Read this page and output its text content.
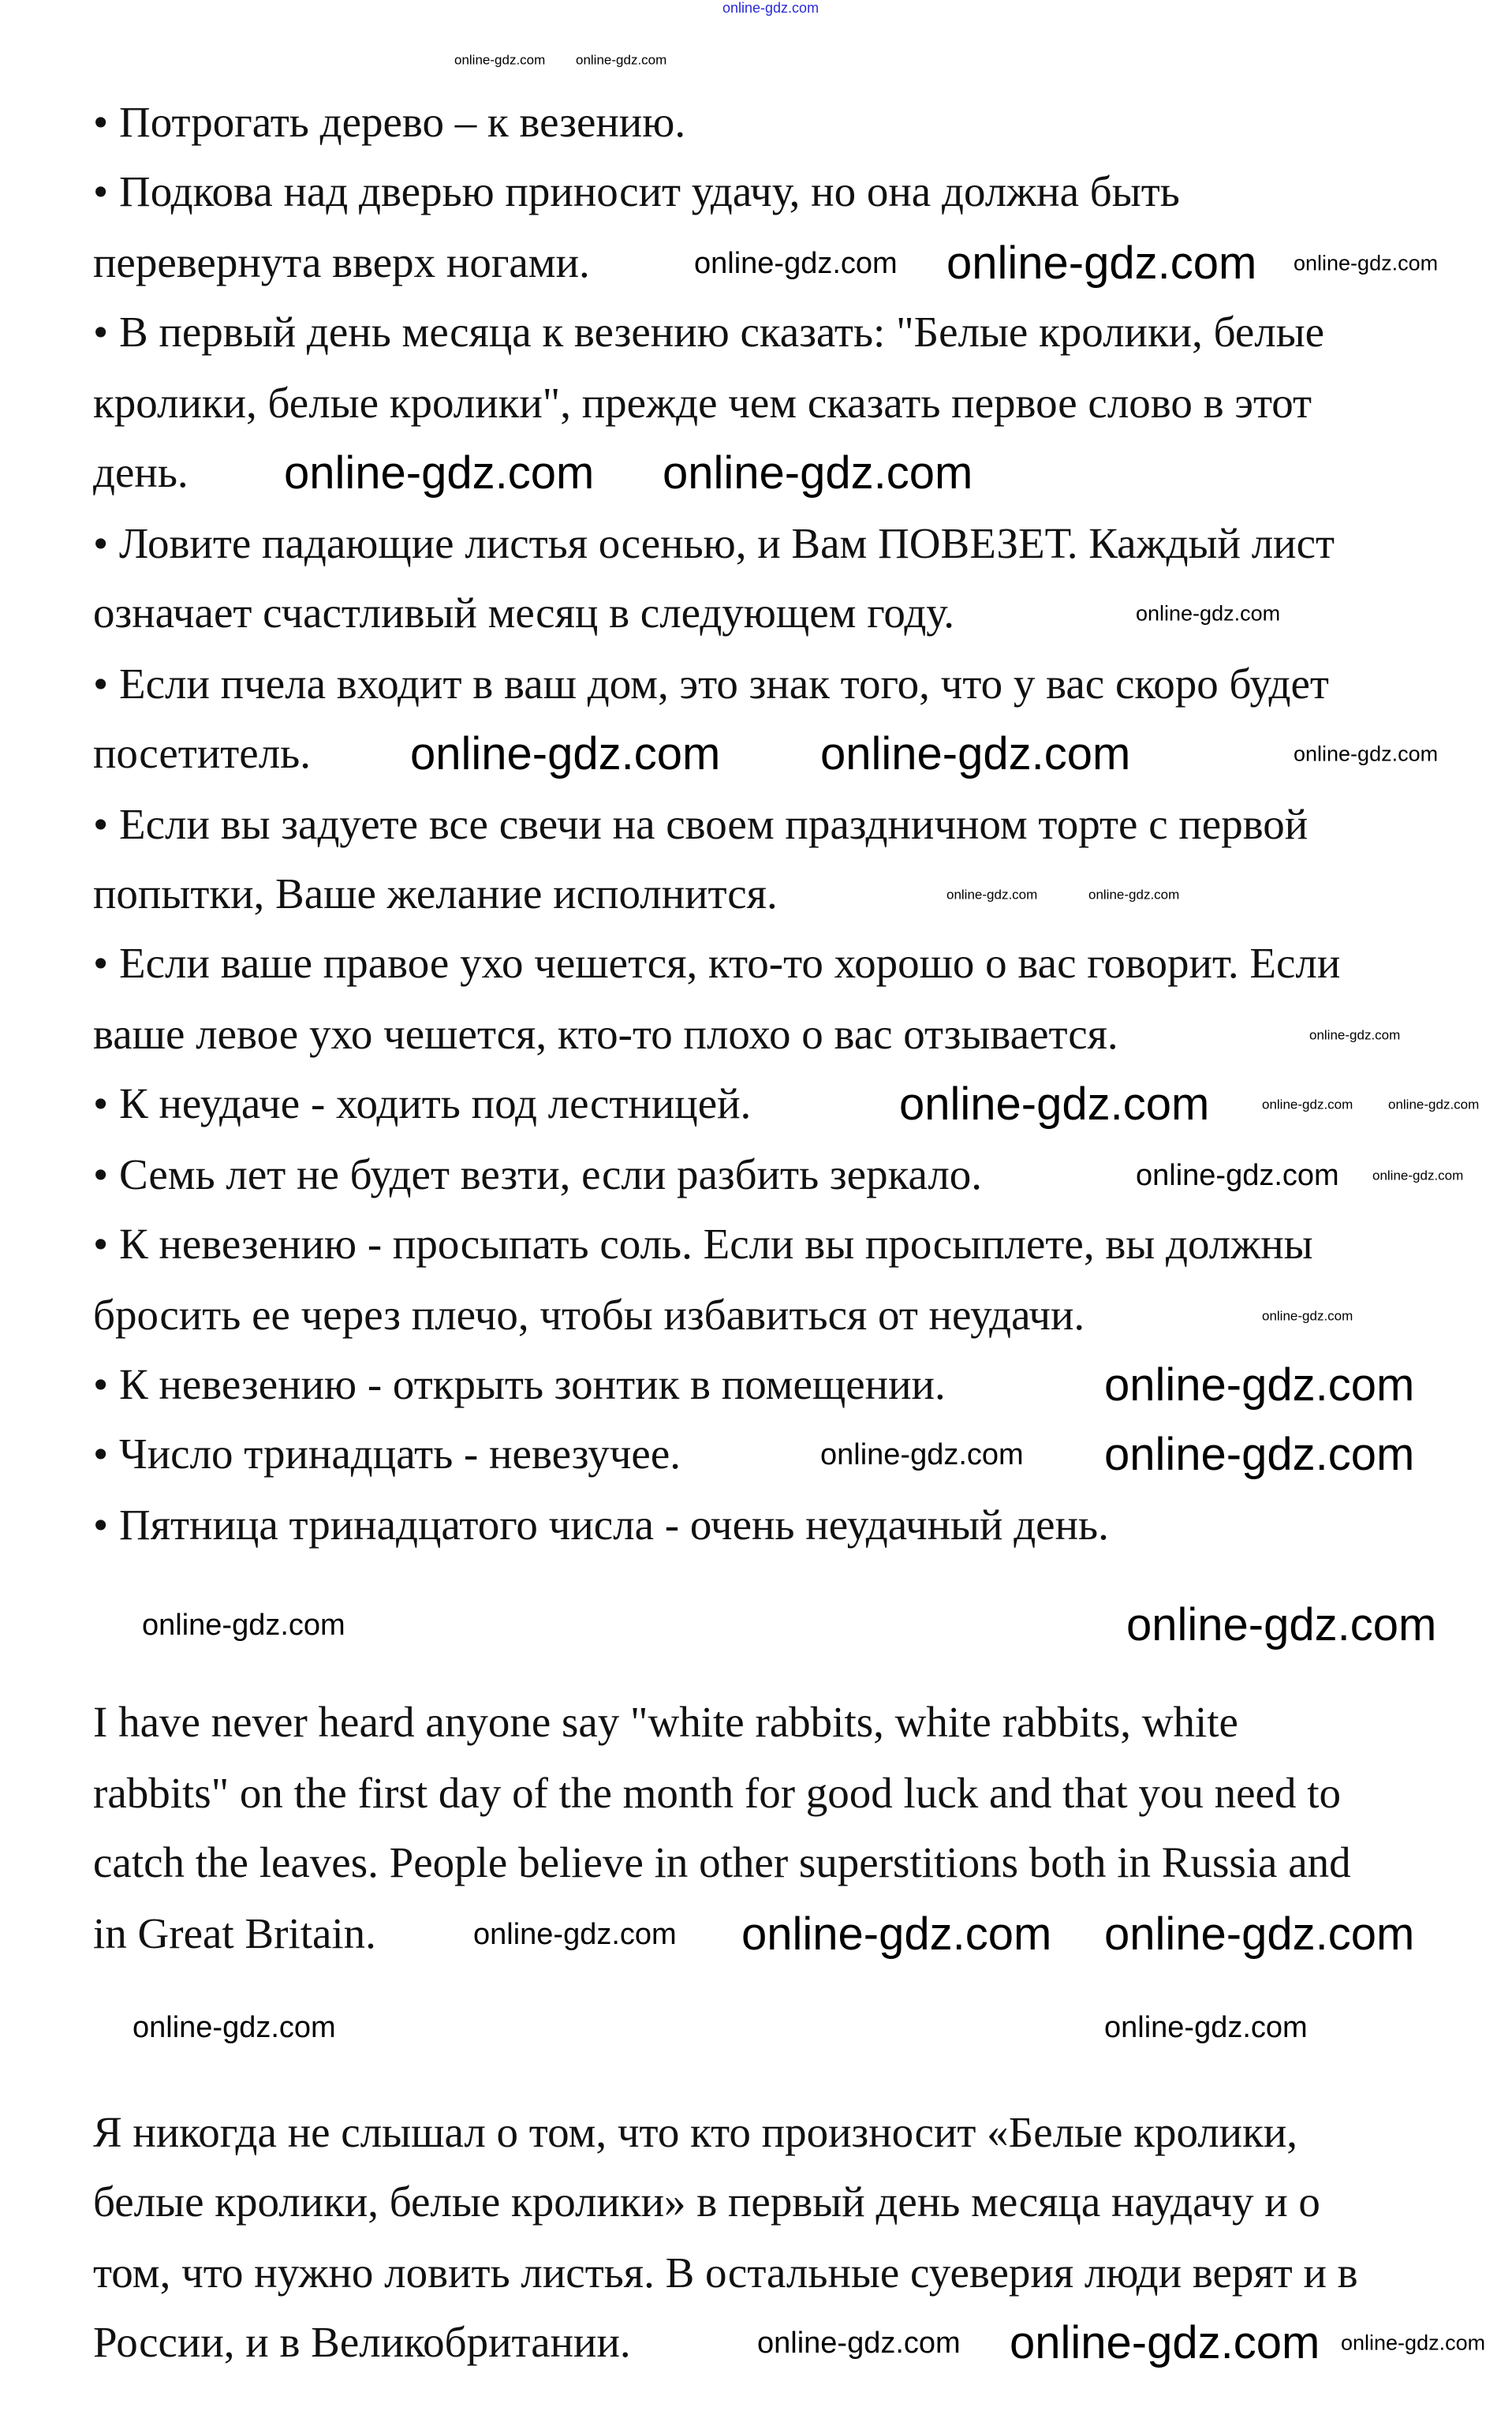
• Потрогать дерево – к везению.
• Подкова над дверью приносит удачу, но она должна быть
перевернута вверх ногами.
• В первый день месяца к везению сказать: "Белые кролики, белые
кролики, белые кролики", прежде чем сказать первое слово в этот
день.
• Ловите падающие листья осенью, и Вам ПОВЕЗЕТ. Каждый лист
означает счастливый месяц в следующем году.
• Если пчела входит в ваш дом, это знак того, что у вас скоро будет
посетитель.
• Если вы задуете все свечи на своем праздничном торте с первой
попытки, Ваше желание исполнится.
• Если ваше правое ухо чешется, кто-то хорошо о вас говорит. Если
ваше левое ухо чешется, кто-то плохо о вас отзывается.
• К неудаче - ходить под лестницей.
• Семь лет не будет везти, если разбить зеркало.
• К невезению - просыпать соль. Если вы просыплете, вы должны
бросить ее через плечо, чтобы избавиться от неудачи.
• К невезению - открыть зонтик в помещении.
• Число тринадцать - невезучее.
• Пятница тринадцатого числа - очень неудачный день.
I have never heard anyone say "white rabbits, white rabbits, white
rabbits" on the first day of the month for good luck and that you need to
catch the leaves. People believe in other superstitions both in Russia and
in Great Britain.
Я никогда не слышал о том, что кто произносит «Белые кролики,
белые кролики, белые кролики» в первый день месяца наудачу и о
том, что нужно ловить листья. В остальные суеверия люди верят и в
России, и в Великобритании.
online-gdz.com
online-gdz.com online-gdz.com
online-gdz.com	online-gdz.com
online-gdz.com
online-gdz.com online-gdz.com
online-gdz.com
online-gdz.com
online-gdz.com online-gdz.com
online-gdz.com	online-gdz.com
online-gdz.com
online-gdz.com
online-gdz.com
online-gdz.com
online-gdz.com online-gdz.com
online-gdz.com
online-gdz.com
online-gdz.com online-gdz.com
online-gdz.com	online-gdz.com
online-gdz.com online-gdz.com online-gdz.com
online-gdz.com	online-gdz.com
online-gdz.com online-gdz.com online-gdz.com
